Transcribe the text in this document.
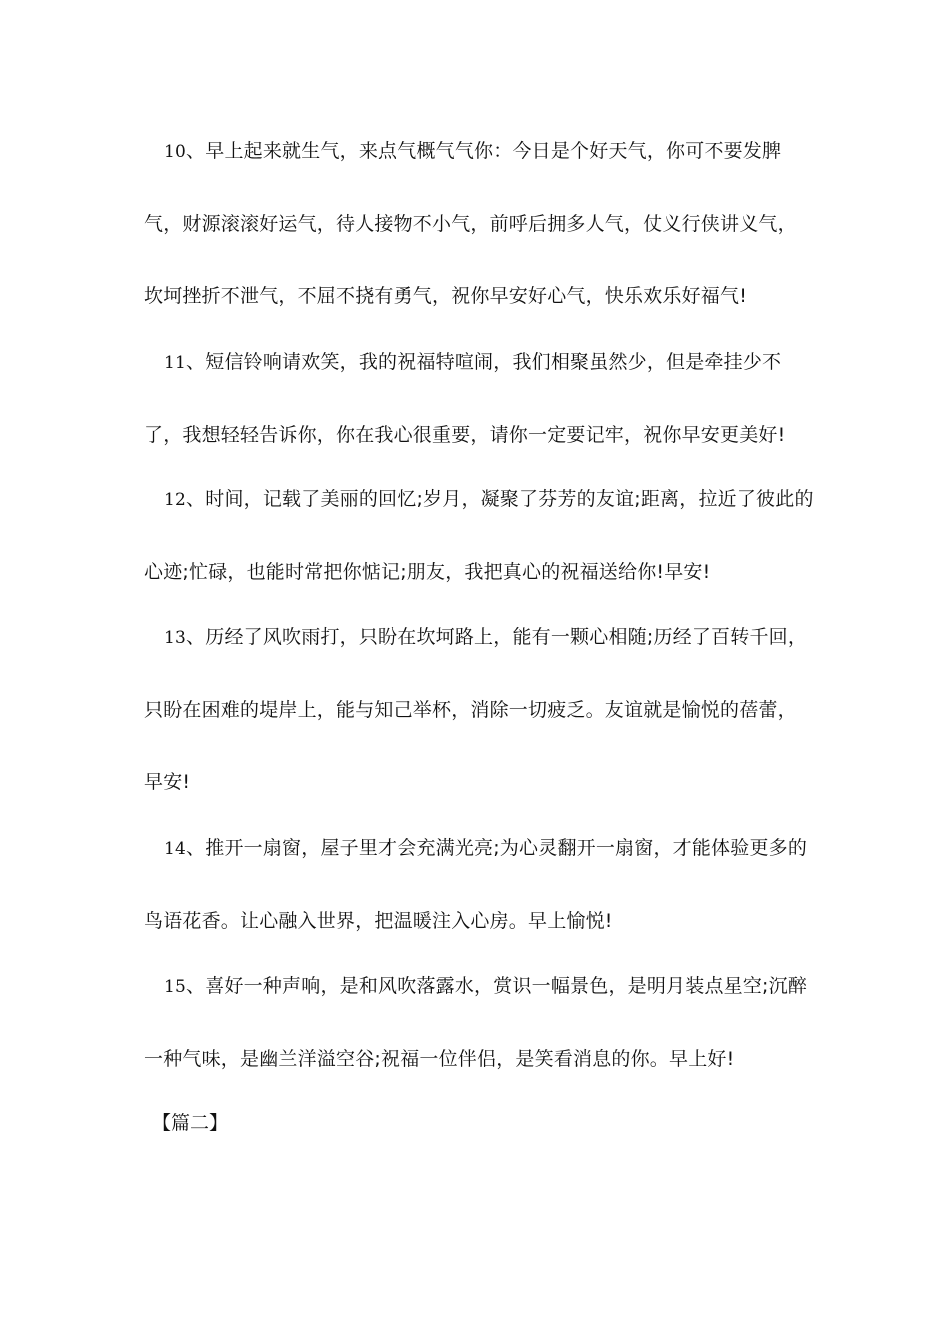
10、早上起来就生气，来点气概气气你：今日是个好天气，你可不要发脾气，财源滚滚好运气，待人接物不小气，前呼后拥多人气，仗义行侠讲义气，坎坷挫折不泄气，不屈不挠有勇气，祝你早安好心气，快乐欢乐好福气!

11、短信铃响请欢笑，我的祝福特喧闹，我们相聚虽然少，但是牵挂少不了，我想轻轻告诉你，你在我心很重要，请你一定要记牢，祝你早安更美好!

12、时间，记载了美丽的回忆;岁月，凝聚了芬芳的友谊;距离，拉近了彼此的心迹;忙碌，也能时常把你惦记;朋友，我把真心的祝福送给你!早安!

13、历经了风吹雨打，只盼在坎坷路上，能有一颗心相随;历经了百转千回，只盼在困难的堤岸上，能与知己举杯，消除一切疲乏。友谊就是愉悦的蓓蕾，早安!

14、推开一扇窗，屋子里才会充满光亮;为心灵翻开一扇窗，才能体验更多的鸟语花香。让心融入世界，把温暖注入心房。早上愉悦!

15、喜好一种声响，是和风吹落露水，赏识一幅景色，是明月装点星空;沉醉一种气味，是幽兰洋溢空谷;祝福一位伴侣，是笑看消息的你。早上好!

【篇二】
